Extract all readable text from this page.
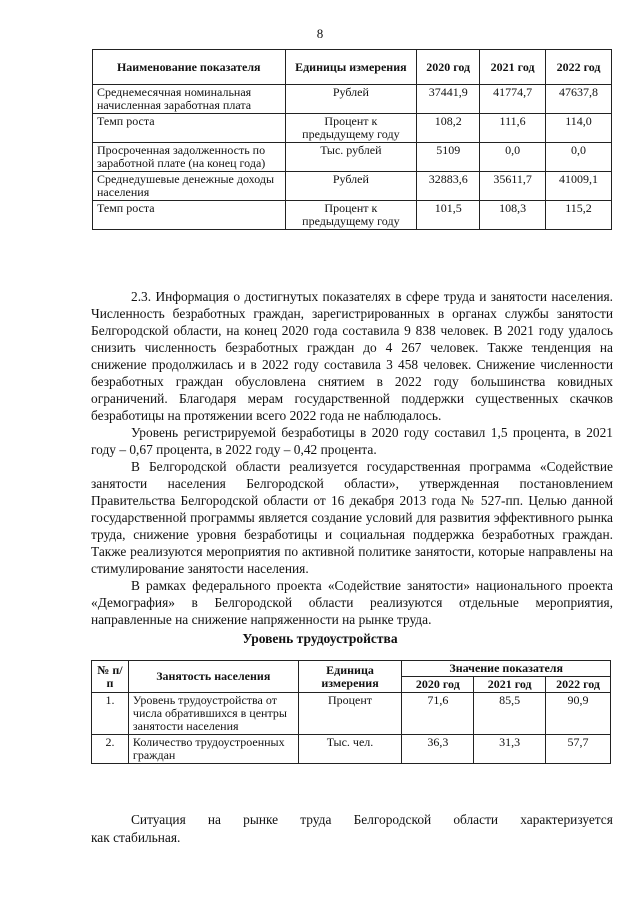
8
Наименование показателя	Единицы измерения	2020 год	2021 год	2022 год
Среднемесячная номинальная начисленная заработная плата	Рублей	37441,9	41774,7	47637,8
Темп роста	Процент к предыдущему году	108,2	111,6	114,0
Просроченная задолженность по заработной плате (на конец года)	Тыс. рублей	5109	0,0	0,0
Среднедушевые денежные доходы населения	Рублей	32883,6	35611,7	41009,1
Темп роста	Процент к предыдущему году	101,5	108,3	115,2

2.3. Информация о достигнутых показателях в сфере труда и занятости населения. Численность безработных граждан, зарегистрированных в органах службы занятости Белгородской области, на конец 2020 года составила 9 838 человек. В 2021 году удалось снизить численность безработных граждан до 4 267 человек. Также тенденция на снижение продолжилась и в 2022 году составила 3 458 человек. Снижение численности безработных граждан обусловлена снятием в 2022 году большинства ковидных ограничений. Благодаря мерам государственной поддержки существенных скачков безработицы на протяжении всего 2022 года не наблюдалось.

Уровень регистрируемой безработицы в 2020 году составил 1,5 процента, в 2021 году – 0,67 процента, в 2022 году – 0,42 процента.

В Белгородской области реализуется государственная программа «Содействие занятости населения Белгородской области», утвержденная постановлением Правительства Белгородской области от 16 декабря 2013 года № 527-пп. Целью данной государственной программы является создание условий для развития эффективного рынка труда, снижение уровня безработицы и социальная поддержка безработных граждан. Также реализуются мероприятия по активной политике занятости, которые направлены на стимулирование занятости населения.

В рамках федерального проекта «Содействие занятости» национального проекта «Демография» в Белгородской области реализуются отдельные мероприятия, направленные на снижение напряженности на рынке труда.

Уровень трудоустройства
№ п/п	Занятость населения	Единица измерения	Значение показателя		
			2020 год	2021 год	2022 год
1.	Уровень трудоустройства от числа обратившихся в центры занятости населения	Процент	71,6	85,5	90,9
2.	Количество трудоустроенных граждан	Тыс. чел.	36,3	31,3	57,7
Ситуация на рынке труда Белгородской области характеризуется
как стабильная.
